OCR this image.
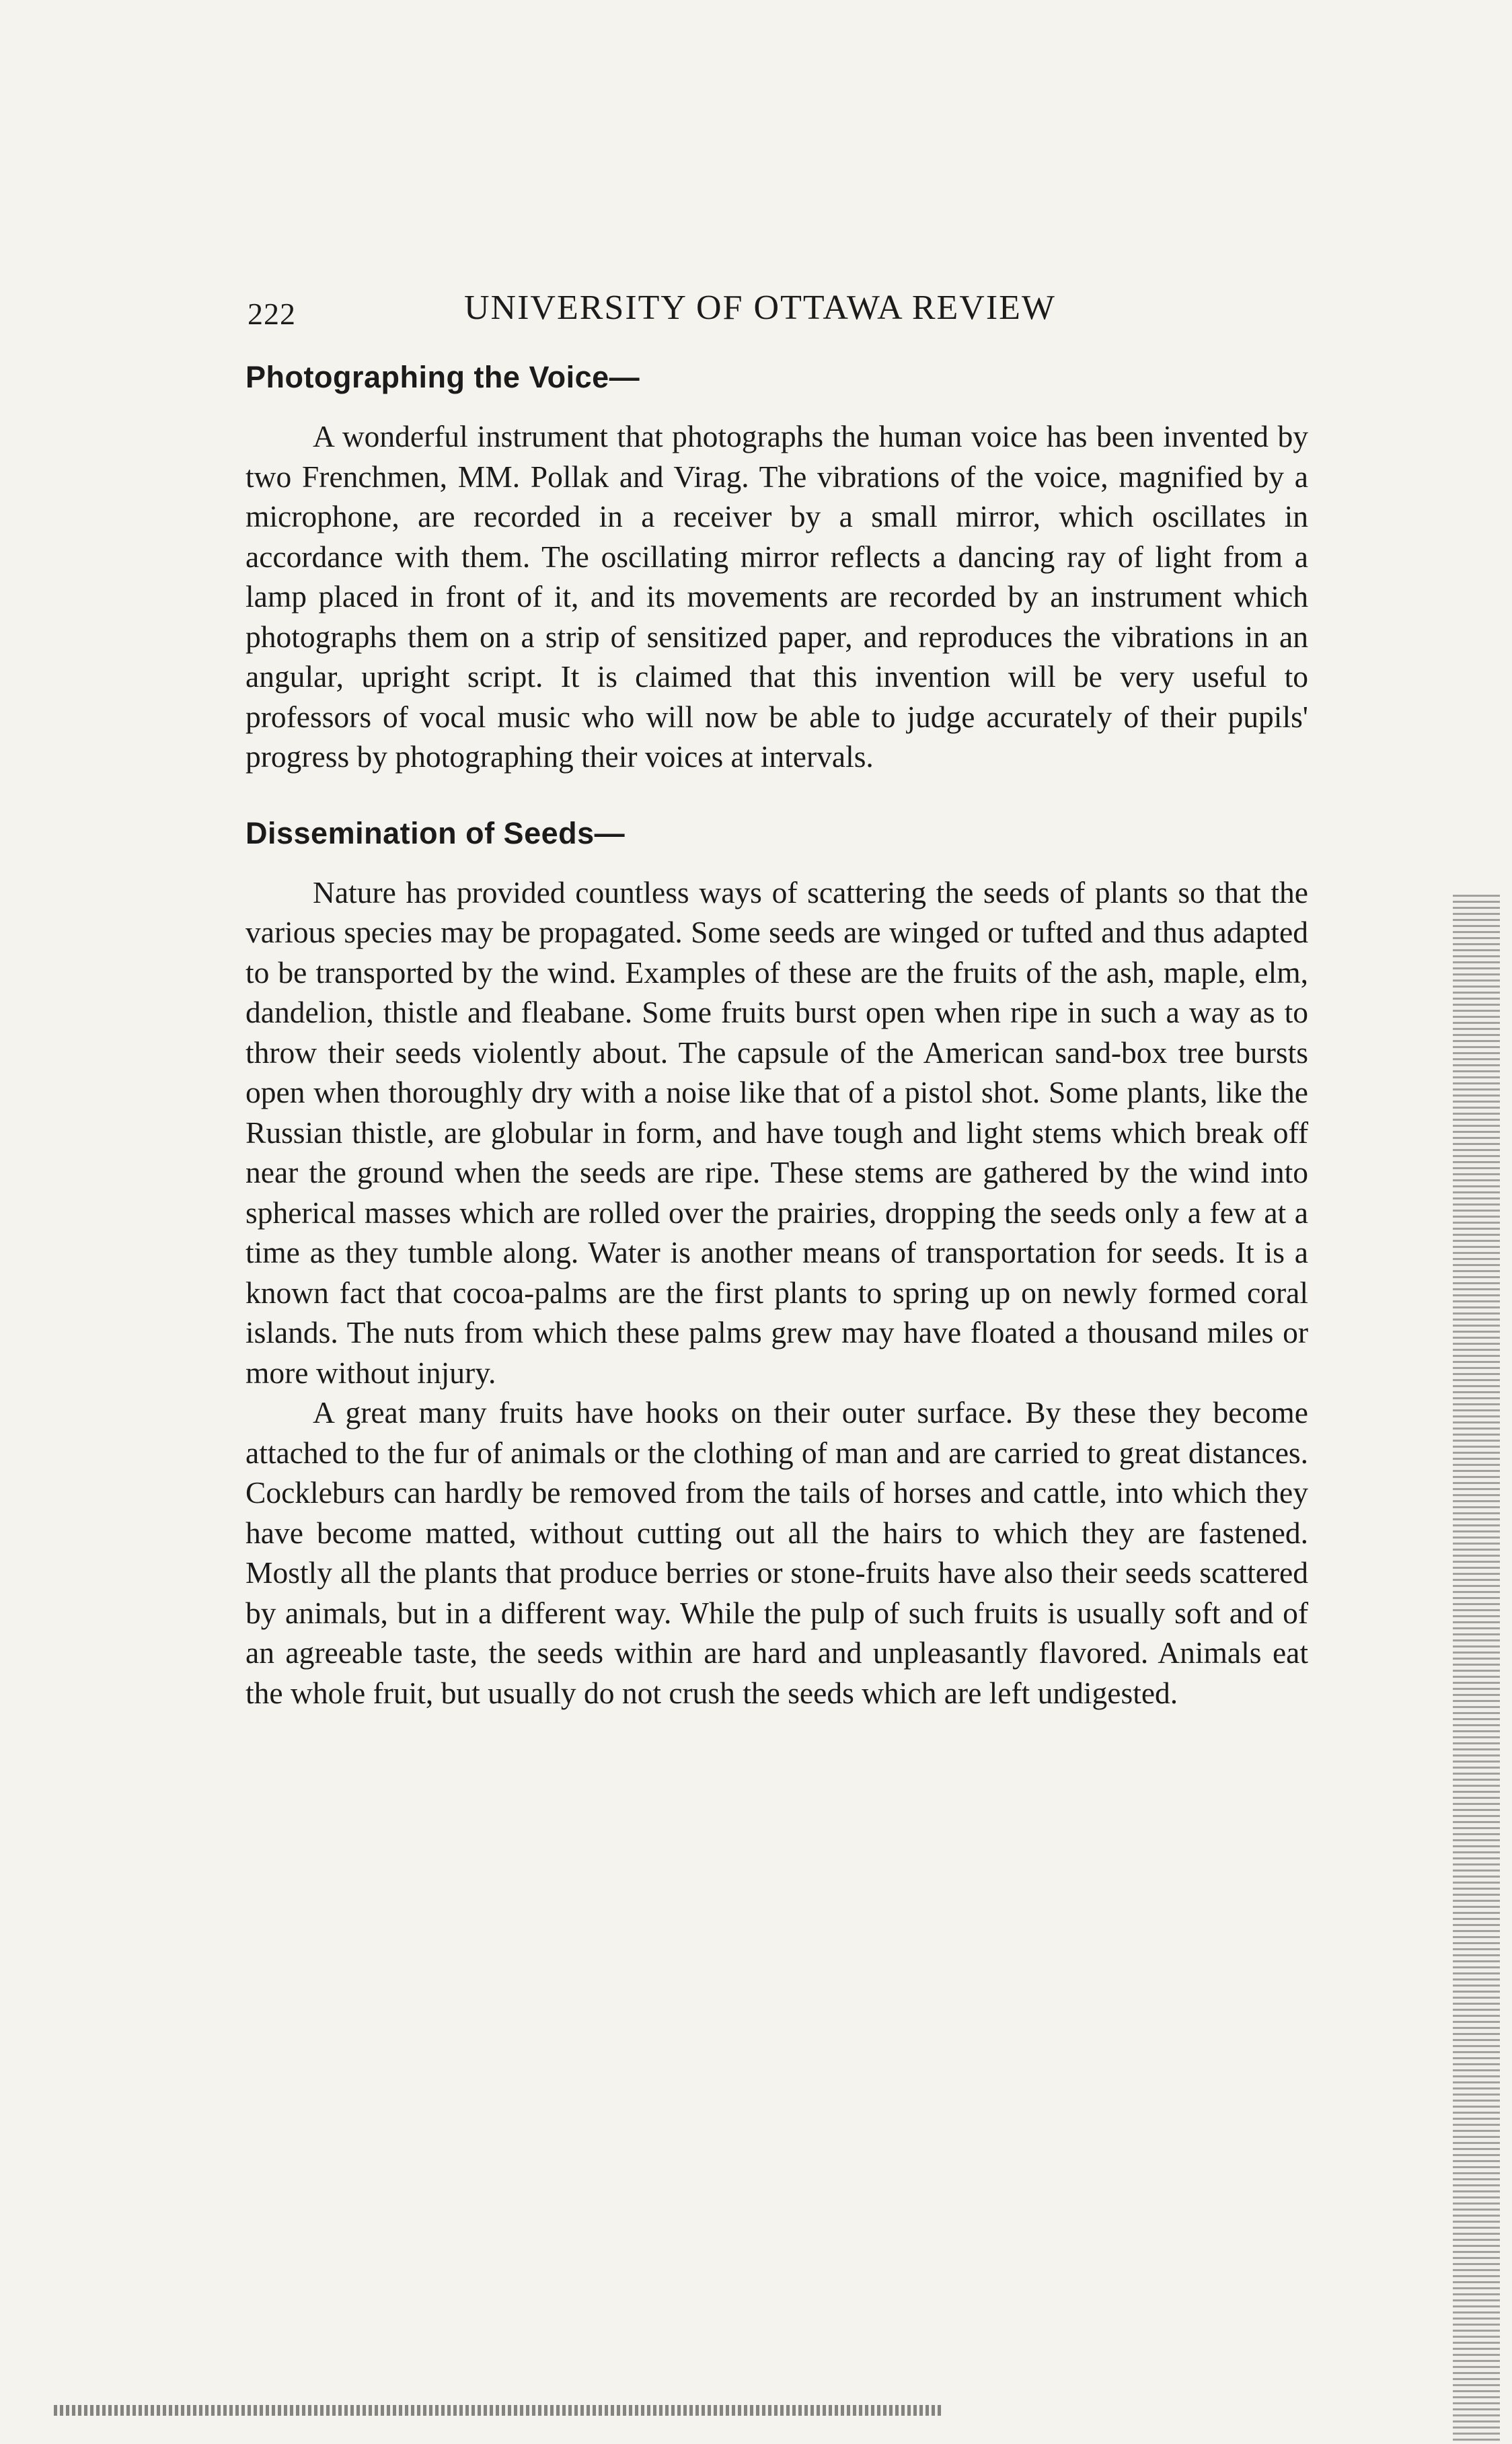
222	UNIVERSITY OF OTTAWA REVIEW
Photographing the Voice—

A wonderful instrument that photographs the human voice has been invented by two Frenchmen, MM. Pollak and Virag. The vibrations of the voice, magnified by a microphone, are recorded in a receiver by a small mirror, which oscillates in accordance with them. The oscillating mirror reflects a dancing ray of light from a lamp placed in front of it, and its movements are recorded by an instrument which photographs them on a strip of sensitized paper, and reproduces the vibrations in an angular, upright script. It is claimed that this invention will be very useful to professors of vocal music who will now be able to judge accurately of their pupils' progress by photographing their voices at intervals.

Dissemination of Seeds—

Nature has provided countless ways of scattering the seeds of plants so that the various species may be propagated. Some seeds are winged or tufted and thus adapted to be transported by the wind. Examples of these are the fruits of the ash, maple, elm, dandelion, thistle and fleabane. Some fruits burst open when ripe in such a way as to throw their seeds violently about. The capsule of the American sand-box tree bursts open when thoroughly dry with a noise like that of a pistol shot. Some plants, like the Russian thistle, are globular in form, and have tough and light stems which break off near the ground when the seeds are ripe. These stems are gathered by the wind into spherical masses which are rolled over the prairies, dropping the seeds only a few at a time as they tumble along. Water is another means of transportation for seeds. It is a known fact that cocoa-palms are the first plants to spring up on newly formed coral islands. The nuts from which these palms grew may have floated a thousand miles or more without injury.

A great many fruits have hooks on their outer surface. By these they become attached to the fur of animals or the clothing of man and are carried to great distances. Cockleburs can hardly be removed from the tails of horses and cattle, into which they have become matted, without cutting out all the hairs to which they are fastened. Mostly all the plants that produce berries or stone-fruits have also their seeds scattered by animals, but in a different way. While the pulp of such fruits is usually soft and of an agreeable taste, the seeds within are hard and unpleasantly flavored. Animals eat the whole fruit, but usually do not crush the seeds which are left undigested.
